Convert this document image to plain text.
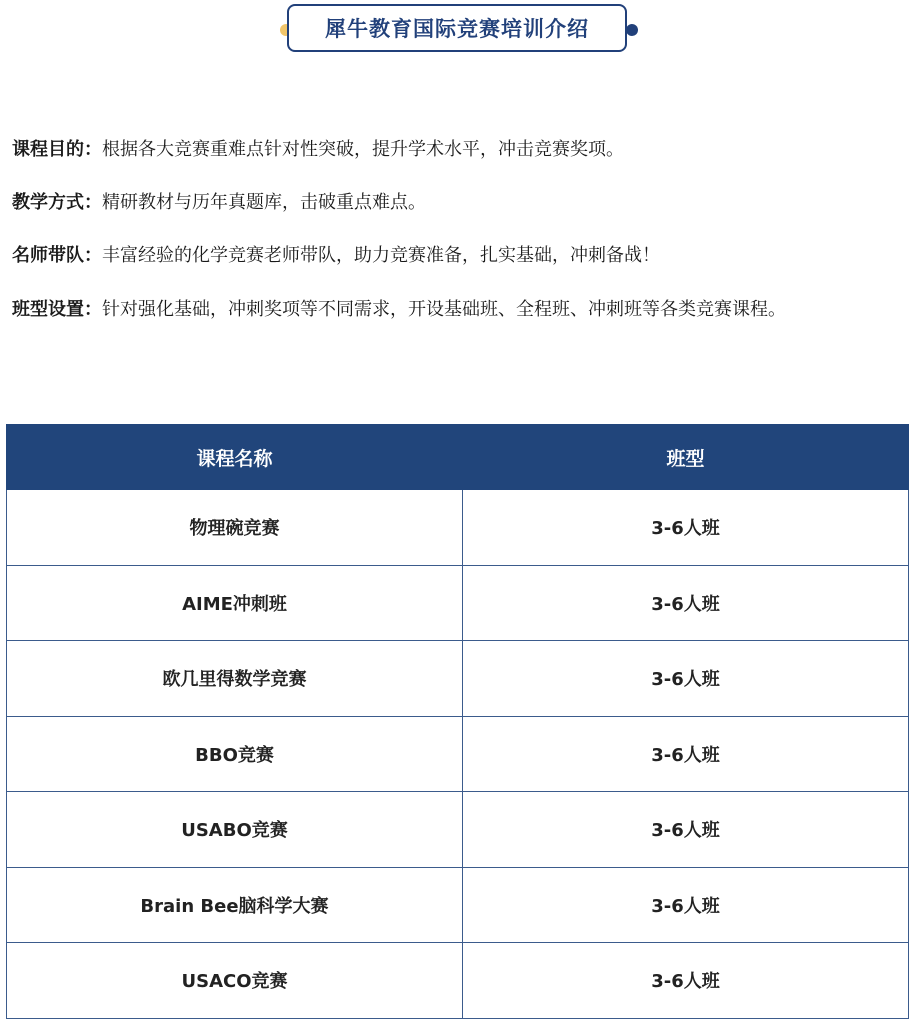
犀牛教育国际竞赛培训介绍

课程目的：根据各大竞赛重难点针对性突破，提升学术水平，冲击竞赛奖项。

教学方式：精研教材与历年真题库，击破重点难点。

名师带队：丰富经验的化学竞赛老师带队，助力竞赛准备，扎实基础，冲刺备战！

班型设置：针对强化基础，冲刺奖项等不同需求，开设基础班、全程班、冲刺班等各类竞赛课程。

课程名称	班型
物理碗竞赛	3-6人班
AIME冲刺班	3-6人班
欧几里得数学竞赛	3-6人班
BBO竞赛	3-6人班
USABO竞赛	3-6人班
Brain Bee脑科学大赛	3-6人班
USACO竞赛	3-6人班
